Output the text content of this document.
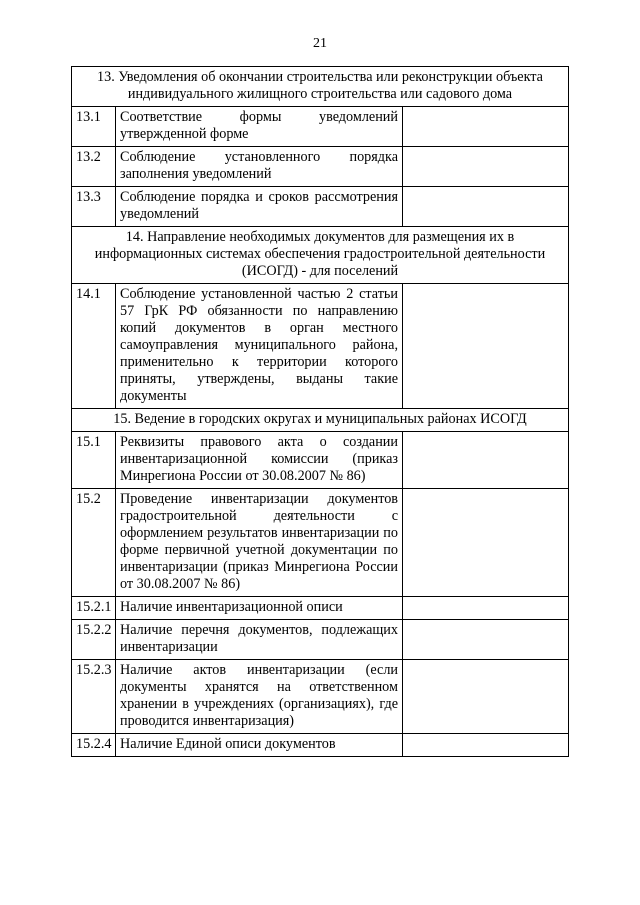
21
13. Уведомления об окончании строительства или реконструкции объекта индивидуального жилищного строительства или садового дома		
13.1	Соответствие формы уведомлений утвержденной форме	
13.2	Соблюдение установленного порядка заполнения уведомлений	
13.3	Соблюдение порядка и сроков рассмотрения уведомлений	
14. Направление необходимых документов для размещения их в информационных системах обеспечения градостроительной деятельности (ИСОГД) - для поселений		
14.1	Соблюдение установленной частью 2 статьи 57 ГрК РФ обязанности по направлению копий документов в орган местного самоуправления муниципального района, применительно к территории которого приняты, утверждены, выданы такие документы	
15. Ведение в городских округах и муниципальных районах ИСОГД		
15.1	Реквизиты правового акта о создании инвентаризационной комиссии (приказ Минрегиона России от 30.08.2007 № 86)	
15.2	Проведение инвентаризации документов градостроительной деятельности с оформлением результатов инвентаризации по форме первичной учетной документации по инвентаризации (приказ Минрегиона России от 30.08.2007 № 86)	
15.2.1	Наличие инвентаризационной описи	
15.2.2	Наличие перечня документов, подлежащих инвентаризации	
15.2.3	Наличие актов инвентаризации (если документы хранятся на ответственном хранении в учреждениях (организациях), где проводится инвентаризация)	
15.2.4	Наличие Единой описи документов	
